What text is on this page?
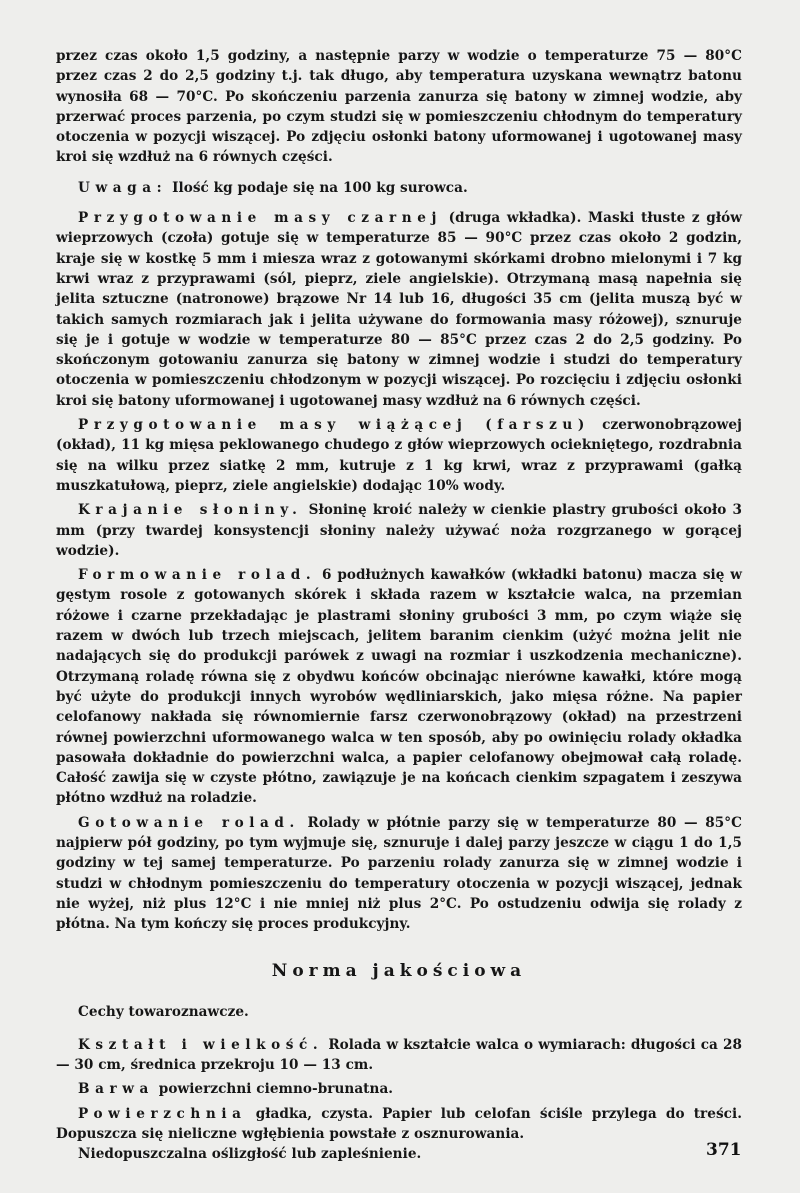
przez czas około 1,5 godziny, a następnie parzy w wodzie o temperaturze 75 — 80°C przez czas 2 do 2,5 godziny t.j. tak długo, aby temperatura uzyskana wewnątrz batonu wynosiła 68 — 70°C. Po skończeniu parzenia zanurza się batony w zimnej wodzie, aby przerwać proces parzenia, po czym studzi się w pomieszczeniu chłodnym do temperatury otoczenia w pozycji wiszącej. Po zdjęciu osłonki batony uformowanej i ugotowanej masy kroi się wzdłuż na 6 równych części.

Uwaga: Ilość kg podaje się na 100 kg surowca.

Przygotowanie masy czarnej (druga wkładka). Maski tłuste z głów wieprzowych (czoła) gotuje się w temperaturze 85 — 90°C przez czas około 2 godzin, kraje się w kostkę 5 mm i miesza wraz z gotowanymi skórkami drobno mielonymi i 7 kg krwi wraz z przyprawami (sól, pieprz, ziele angielskie). Otrzymaną masą napełnia się jelita sztuczne (natronowe) brązowe Nr 14 lub 16, długości 35 cm (jelita muszą być w takich samych rozmiarach jak i jelita używane do formowania masy różowej), sznuruje się je i gotuje w wodzie w temperaturze 80 — 85°C przez czas 2 do 2,5 godziny. Po skończonym gotowaniu zanurza się batony w zimnej wodzie i studzi do temperatury otoczenia w pomieszczeniu chłodzonym w pozycji wiszącej. Po rozcięciu i zdjęciu osłonki kroi się batony uformowanej i ugotowanej masy wzdłuż na 6 równych części.

Przygotowanie masy wiążącej (farszu) czerwonobrązowej (okład), 11 kg mięsa peklowanego chudego z głów wieprzowych ociekniętego, rozdrabnia się na wilku przez siatkę 2 mm, kutruje z 1 kg krwi, wraz z przyprawami (gałką muszkatułową, pieprz, ziele angielskie) dodając 10% wody.

Krajanie słoniny. Słoninę kroić należy w cienkie plastry grubości około 3 mm (przy twardej konsystencji słoniny należy używać noża rozgrzanego w gorącej wodzie).

Formowanie rolad. 6 podłużnych kawałków (wkładki batonu) macza się w gęstym rosole z gotowanych skórek i składa razem w kształcie walca, na przemian różowe i czarne przekładając je plastrami słoniny grubości 3 mm, po czym wiąże się razem w dwóch lub trzech miejscach, jelitem baranim cienkim (użyć można jelit nie nadających się do produkcji parówek z uwagi na rozmiar i uszkodzenia mechaniczne). Otrzymaną roladę równa się z obydwu końców obcinając nierówne kawałki, które mogą być użyte do produkcji innych wyrobów wędliniarskich, jako mięsa różne. Na papier celofanowy nakłada się równomiernie farsz czerwonobrązowy (okład) na przestrzeni równej powierzchni uformowanego walca w ten sposób, aby po owinięciu rolady okładka pasowała dokładnie do powierzchni walca, a papier celofanowy obejmował całą roladę. Całość zawija się w czyste płótno, zawiązuje je na końcach cienkim szpagatem i zeszywa płótno wzdłuż na roladzie.

Gotowanie rolad. Rolady w płótnie parzy się w temperaturze 80 — 85°C najpierw pół godziny, po tym wyjmuje się, sznuruje i dalej parzy jeszcze w ciągu 1 do 1,5 godziny w tej samej temperaturze. Po parzeniu rolady zanurza się w zimnej wodzie i studzi w chłodnym pomieszczeniu do temperatury otoczenia w pozycji wiszącej, jednak nie wyżej, niż plus 12°C i nie mniej niż plus 2°C. Po ostudzeniu odwija się rolady z płótna. Na tym kończy się proces produkcyjny.

Norma jakościowa

Cechy towaroznawcze.

Kształt i wielkość. Rolada w kształcie walca o wymiarach: długości ca 28 — 30 cm, średnica przekroju 10 — 13 cm.

Barwa powierzchni ciemno-brunatna.

Powierzchnia gładka, czysta. Papier lub celofan ściśle przylega do treści. Dopuszcza się nieliczne wgłębienia powstałe z osznurowania.

Niedopuszczalna oślizgłość lub zapleśnienie.	371
